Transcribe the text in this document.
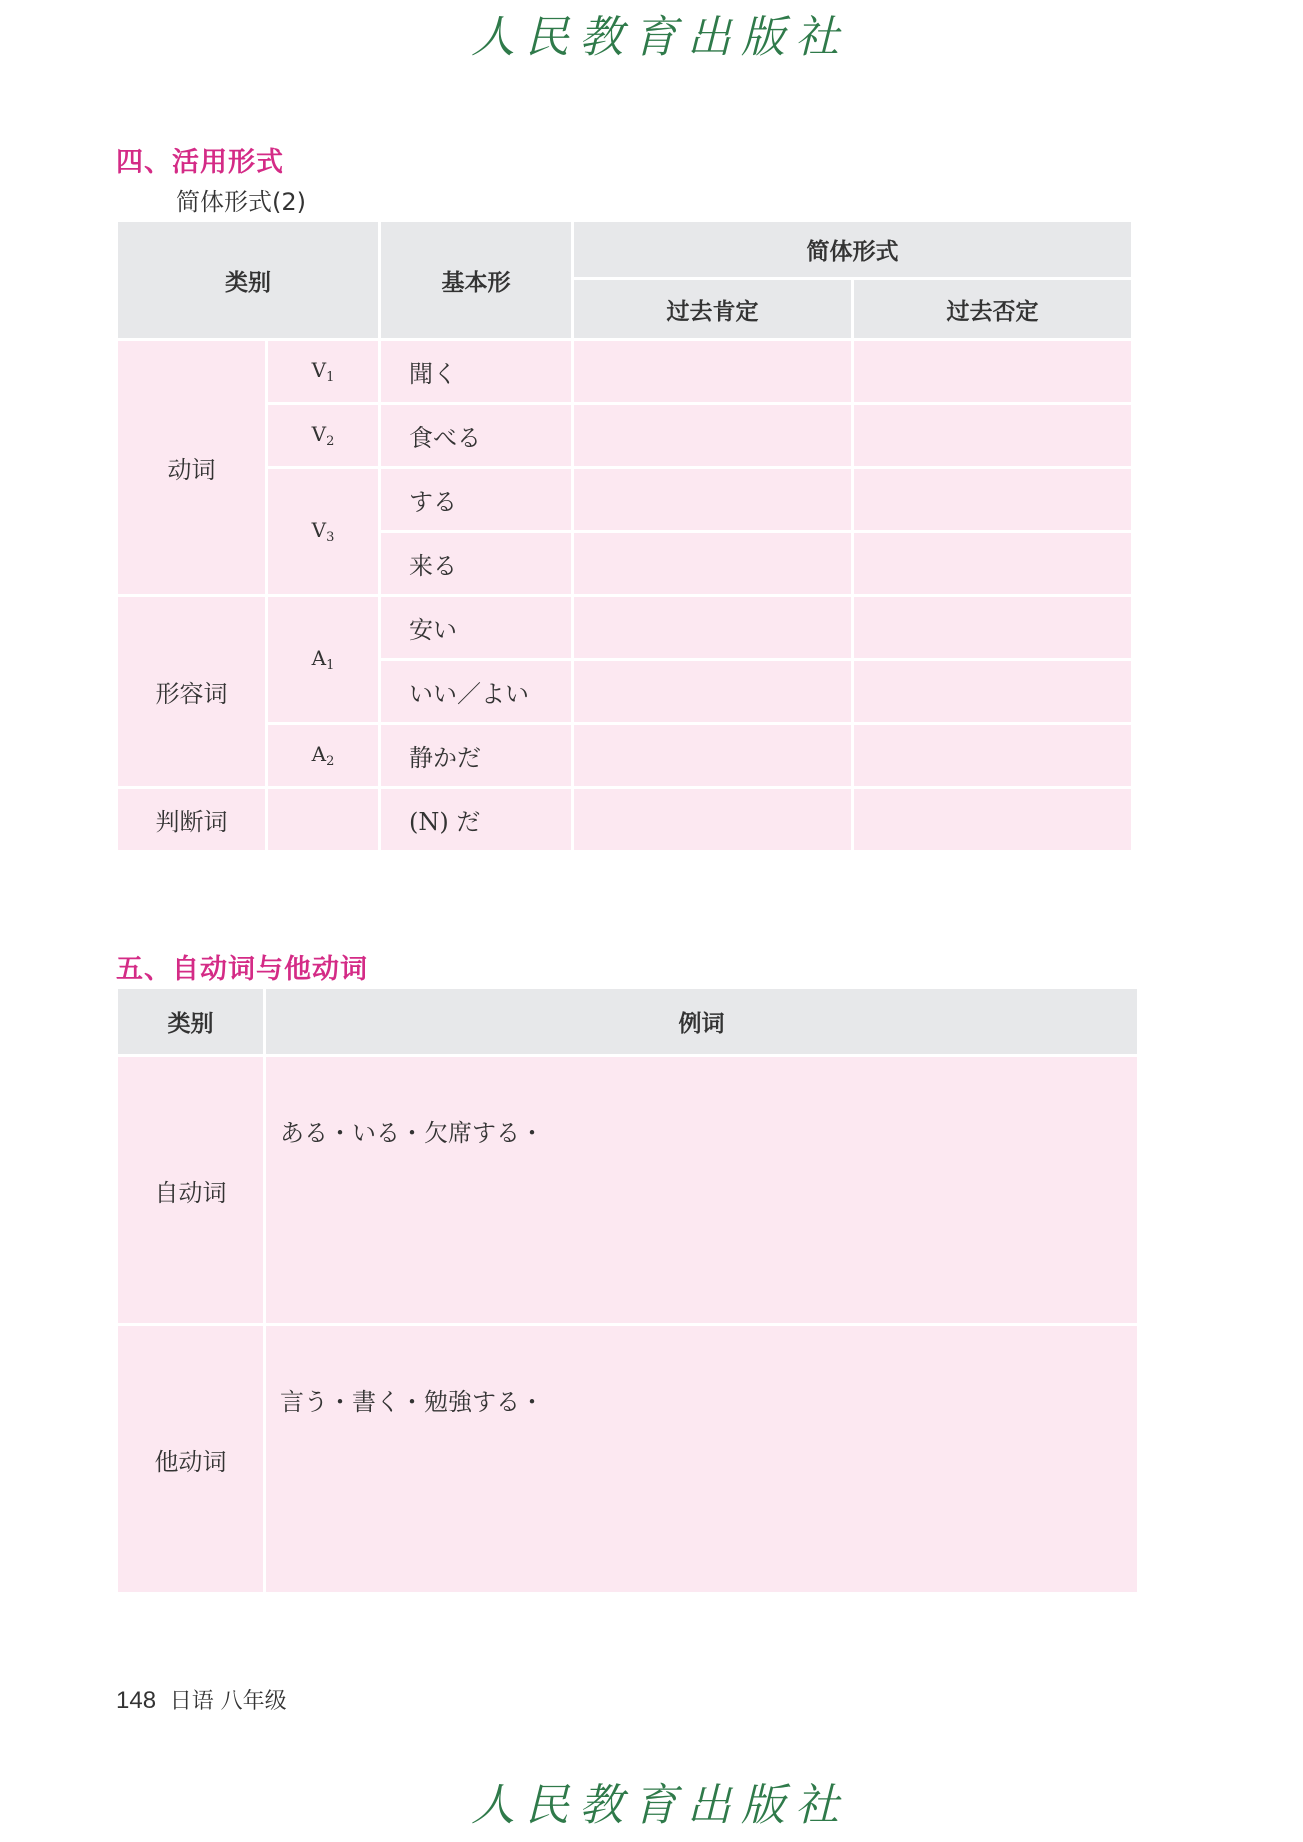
人民教育出版社
四、活用形式
简体形式(2)
类别		基本形	简体形式	
			过去肯定	过去否定
动词	$V_1$	聞く		
	$V_2$	食べる		
	$V_3$	する		
		来る		
形容词	$A_1$	安い		
		いい／よい		
	$A_2$	静かだ		
判断词		(N) だ		
五、自动词与他动词
类别	例词
自动词	ある・いる・欠席する・
他动词	言う・書く・勉強する・
148 日语 八年级
人民教育出版社
